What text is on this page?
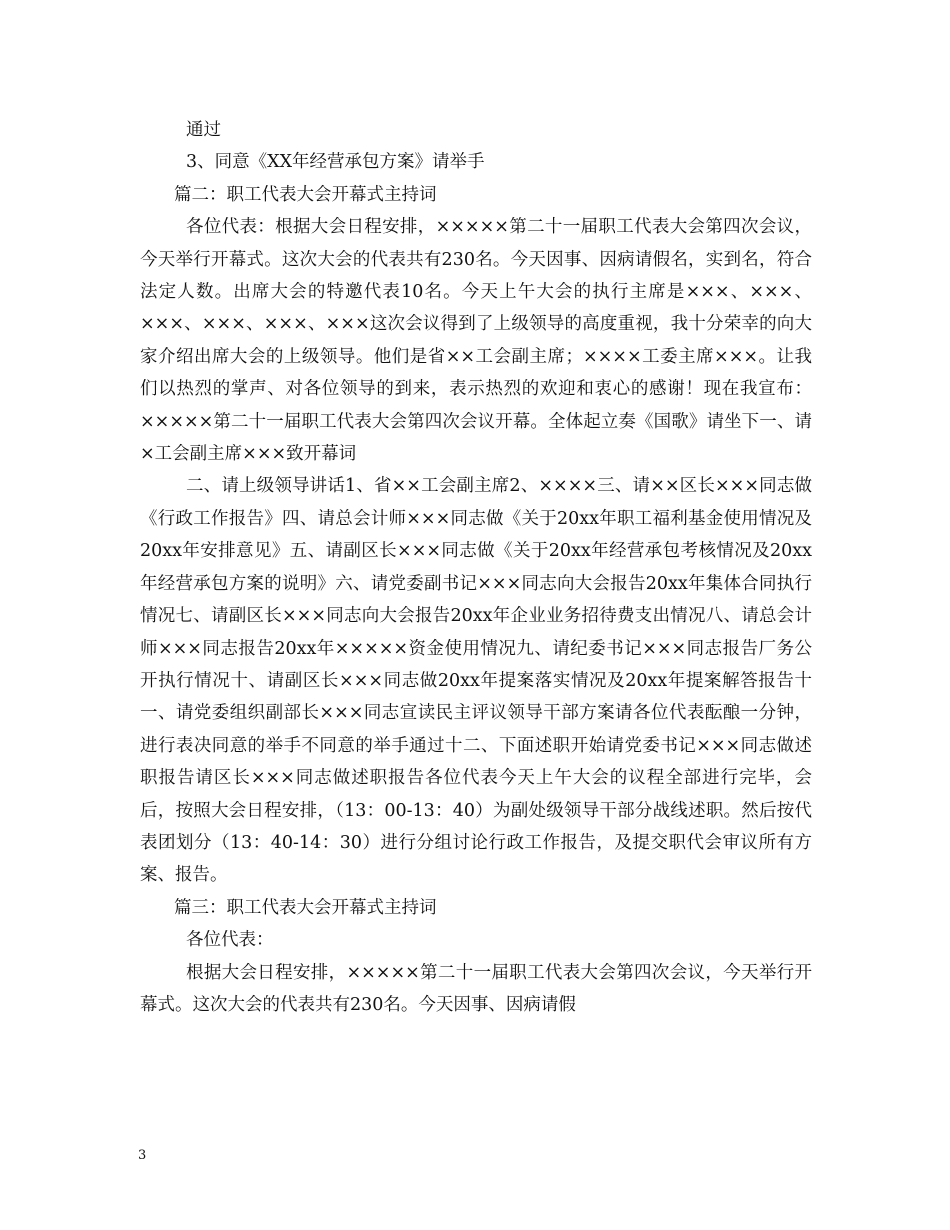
通过

3、同意《XX年经营承包方案》请举手

篇二：职工代表大会开幕式主持词

各位代表：根据大会日程安排，×××××第二十一届职工代表大会第四次会议，今天举行开幕式。这次大会的代表共有230名。今天因事、因病请假名，实到名，符合法定人数。出席大会的特邀代表10名。今天上午大会的执行主席是×××、×××、×××、×××、×××、×××这次会议得到了上级领导的高度重视，我十分荣幸的向大家介绍出席大会的上级领导。他们是省××工会副主席；××××工委主席×××。让我们以热烈的掌声、对各位领导的到来，表示热烈的欢迎和衷心的感谢！现在我宣布：×××××第二十一届职工代表大会第四次会议开幕。全体起立奏《国歌》请坐下一、请×工会副主席×××致开幕词

二、请上级领导讲话1、省××工会副主席2、××××三、请××区长×××同志做《行政工作报告》四、请总会计师×××同志做《关于20xx年职工福利基金使用情况及20xx年安排意见》五、请副区长×××同志做《关于20xx年经营承包考核情况及20xx年经营承包方案的说明》六、请党委副书记×××同志向大会报告20xx年集体合同执行情况七、请副区长×××同志向大会报告20xx年企业业务招待费支出情况八、请总会计师×××同志报告20xx年×××××资金使用情况九、请纪委书记×××同志报告厂务公开执行情况十、请副区长×××同志做20xx年提案落实情况及20xx年提案解答报告十一、请党委组织副部长×××同志宣读民主评议领导干部方案请各位代表酝酿一分钟，进行表决同意的举手不同意的举手通过十二、下面述职开始请党委书记×××同志做述职报告请区长×××同志做述职报告各位代表今天上午大会的议程全部进行完毕，会后，按照大会日程安排，（13：00-13：40）为副处级领导干部分战线述职。然后按代表团划分（13：40-14：30）进行分组讨论行政工作报告，及提交职代会审议所有方案、报告。

篇三：职工代表大会开幕式主持词

各位代表：

根据大会日程安排，×××××第二十一届职工代表大会第四次会议，今天举行开幕式。这次大会的代表共有230名。今天因事、因病请假

3
